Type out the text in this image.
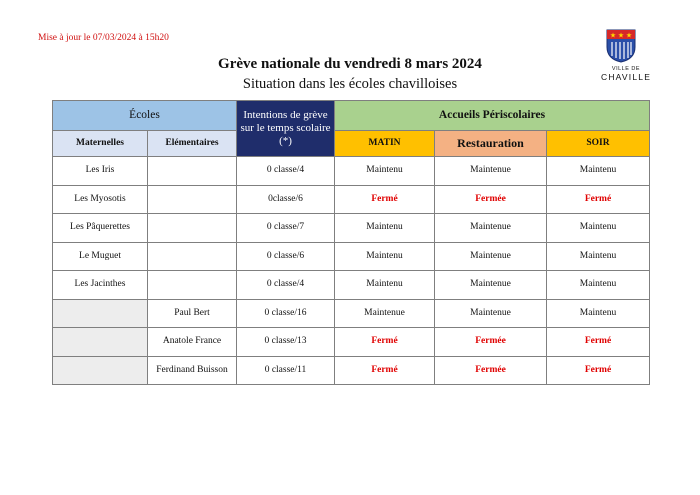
Mise à jour le 07/03/2024 à 15h20	★ ★ ★
VILLE DE
CHAVILLE
Grève nationale du vendredi 8 mars 2024
Situation dans les écoles chavilloises
Écoles		Intentions de grève sur le temps scolaire (*)	Accueils Périscolaires		
Maternelles	Elémentaires		MATIN	Restauration	SOIR
Les Iris		0 classe/4	Maintenu	Maintenue	Maintenu
Les Myosotis		0classe/6	Fermé	Fermée	Fermé
Les Pâquerettes		0 classe/7	Maintenu	Maintenue	Maintenu
Le Muguet		0 classe/6	Maintenu	Maintenue	Maintenu
Les Jacinthes		0 classe/4	Maintenu	Maintenue	Maintenu
	Paul Bert	0 classe/16	Maintenue	Maintenue	Maintenu
	Anatole France	0 classe/13	Fermé	Fermée	Fermé
	Ferdinand Buisson	0 classe/11	Fermé	Fermée	Fermé
